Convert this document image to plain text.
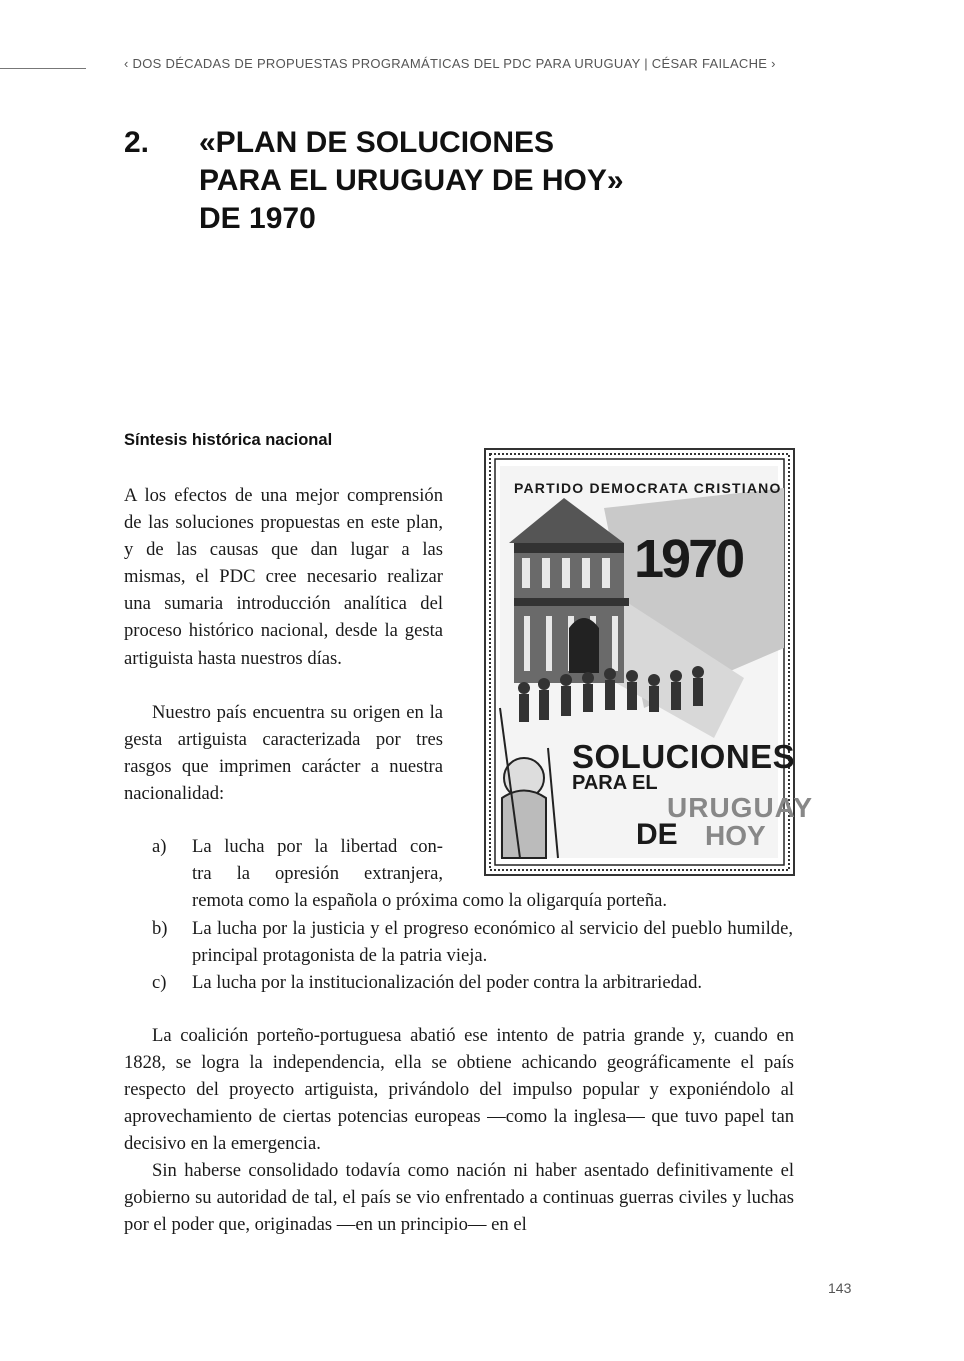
‹ DOS DÉCADAS DE PROPUESTAS PROGRAMÁTICAS DEL PDC PARA URUGUAY | CÉSAR FAILACHE ›
2. «PLAN DE SOLUCIONES
PARA EL URUGUAY DE HOY»
DE 1970
Síntesis histórica nacional

A los efectos de una mejor comprensión de las soluciones propuestas en este plan, y de las causas que dan lugar a las mismas, el PDC cree necesario realizar una sumaria introducción analítica del proceso histórico nacional, desde la gesta artiguista hasta nuestros días.

Nuestro país encuentra su origen en la gesta artiguista caracterizada por tres rasgos que imprimen carácter a nuestra nacionalidad:

a) La lucha por la libertad con-
tra la opresión extranjera,
remota como la española o próxima como la oligarquía porteña.
b) La lucha por la justicia y el progreso económico al servicio del pueblo humilde, principal protagonista de la patria vieja.
c) La lucha por la institucionalización del poder contra la arbitrariedad.

La coalición porteño-portuguesa abatió ese intento de patria grande y, cuando en 1828, se logra la independencia, ella se obtiene achicando geográficamente el país respecto del proyecto artiguista, privándolo del impulso popular y exponiéndolo al aprovechamiento de ciertas potencias europeas —como la inglesa— que tuvo papel tan decisivo en la emergencia.

Sin haberse consolidado todavía como nación ni haber asentado definitivamente el gobierno su autoridad de tal, el país se vio enfrentado a continuas guerras civiles y luchas por el poder que, originadas —en un principio— en el

PARTIDO DEMOCRATA CRISTIANO
1970
SOLUCIONES
PARA EL
URUGUAY
DE HOY
143
